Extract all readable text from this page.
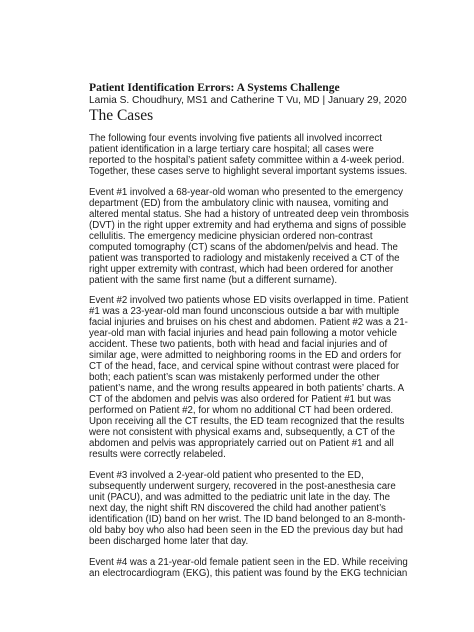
Patient Identification Errors: A Systems Challenge
Lamia S. Choudhury, MS1 and Catherine T Vu, MD | January 29, 2020
The Cases
The following four events involving five patients all involved incorrect
patient identification in a large tertiary care hospital; all cases were
reported to the hospital’s patient safety committee within a 4-week period.
Together, these cases serve to highlight several important systems issues.
Event #1 involved a 68-year-old woman who presented to the emergency
department (ED) from the ambulatory clinic with nausea, vomiting and
altered mental status. She had a history of untreated deep vein thrombosis
(DVT) in the right upper extremity and had erythema and signs of possible
cellulitis. The emergency medicine physician ordered non-contrast
computed tomography (CT) scans of the abdomen/pelvis and head. The
patient was transported to radiology and mistakenly received a CT of the
right upper extremity with contrast, which had been ordered for another
patient with the same first name (but a different surname).
Event #2 involved two patients whose ED visits overlapped in time. Patient
#1 was a 23-year-old man found unconscious outside a bar with multiple
facial injuries and bruises on his chest and abdomen. Patient #2 was a 21-
year-old man with facial injuries and head pain following a motor vehicle
accident. These two patients, both with head and facial injuries and of
similar age, were admitted to neighboring rooms in the ED and orders for
CT of the head, face, and cervical spine without contrast were placed for
both; each patient’s scan was mistakenly performed under the other
patient’s name, and the wrong results appeared in both patients’ charts. A
CT of the abdomen and pelvis was also ordered for Patient #1 but was
performed on Patient #2, for whom no additional CT had been ordered.
Upon receiving all the CT results, the ED team recognized that the results
were not consistent with physical exams and, subsequently, a CT of the
abdomen and pelvis was appropriately carried out on Patient #1 and all
results were correctly relabeled.
Event #3 involved a 2-year-old patient who presented to the ED,
subsequently underwent surgery, recovered in the post-anesthesia care
unit (PACU), and was admitted to the pediatric unit late in the day. The
next day, the night shift RN discovered the child had another patient’s
identification (ID) band on her wrist. The ID band belonged to an 8-month-
old baby boy who also had been seen in the ED the previous day but had
been discharged home later that day.
Event #4 was a 21-year-old female patient seen in the ED. While receiving
an electrocardiogram (EKG), this patient was found by the EKG technician
